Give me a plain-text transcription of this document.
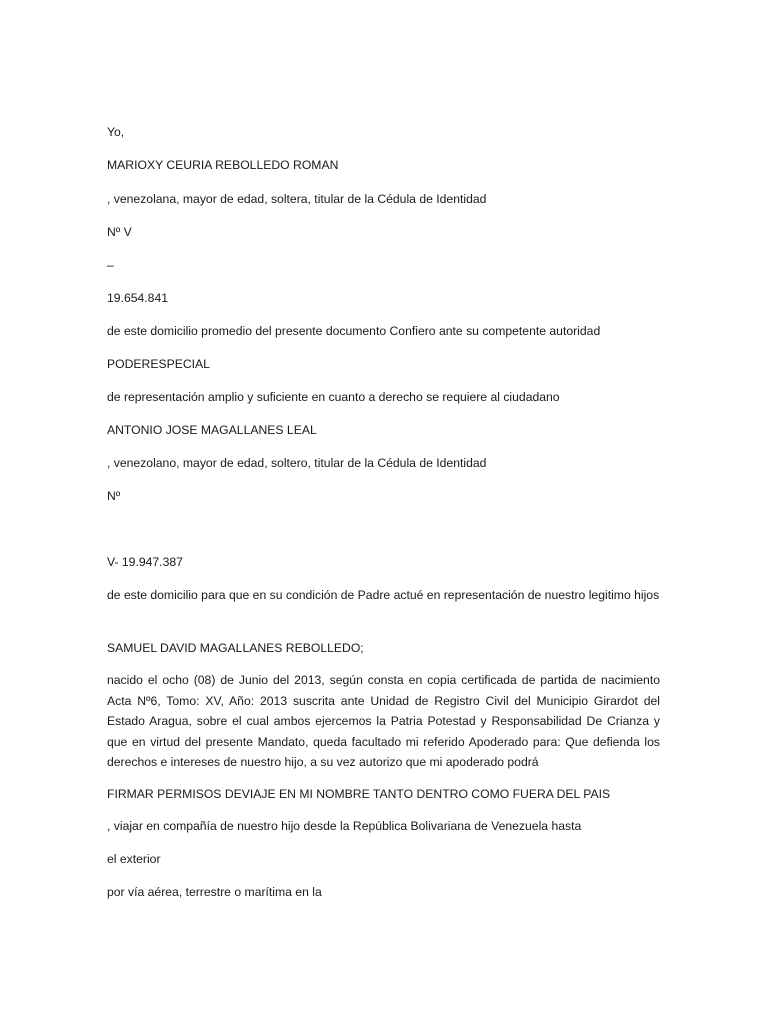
Yo,

MARIOXY CEURIA REBOLLEDO ROMAN

, venezolana, mayor de edad, soltera, titular de la Cédula de Identidad

Nº V

–

19.654.841

de este domicilio promedio del presente documento Confiero ante su competente autoridad

PODERESPECIAL

de representación amplio y suficiente en cuanto a derecho se requiere al ciudadano

ANTONIO JOSE MAGALLANES LEAL

, venezolano, mayor de edad, soltero, titular de la Cédula de Identidad

Nº

V- 19.947.387

de este domicilio para que en su condición de Padre actué en representación de nuestro legitimo hijos

SAMUEL DAVID MAGALLANES REBOLLEDO;

nacido el ocho (08) de Junio del 2013, según consta en copia certificada de partida de nacimiento Acta Nº6, Tomo: XV, Año: 2013 suscrita ante Unidad de Registro Civil del Municipio Girardot del Estado Aragua, sobre el cual ambos ejercemos la Patria Potestad y Responsabilidad De Crianza y que en virtud del presente Mandato, queda facultado mi referido Apoderado para: Que defienda los derechos e intereses de nuestro hijo, a su vez autorizo que mi apoderado podrá

FIRMAR PERMISOS DEVIAJE EN MI NOMBRE TANTO DENTRO COMO FUERA DEL PAIS

, viajar en compañía de nuestro hijo desde la República Bolivariana de Venezuela hasta

el exterior

por vía aérea, terrestre o marítima en la
